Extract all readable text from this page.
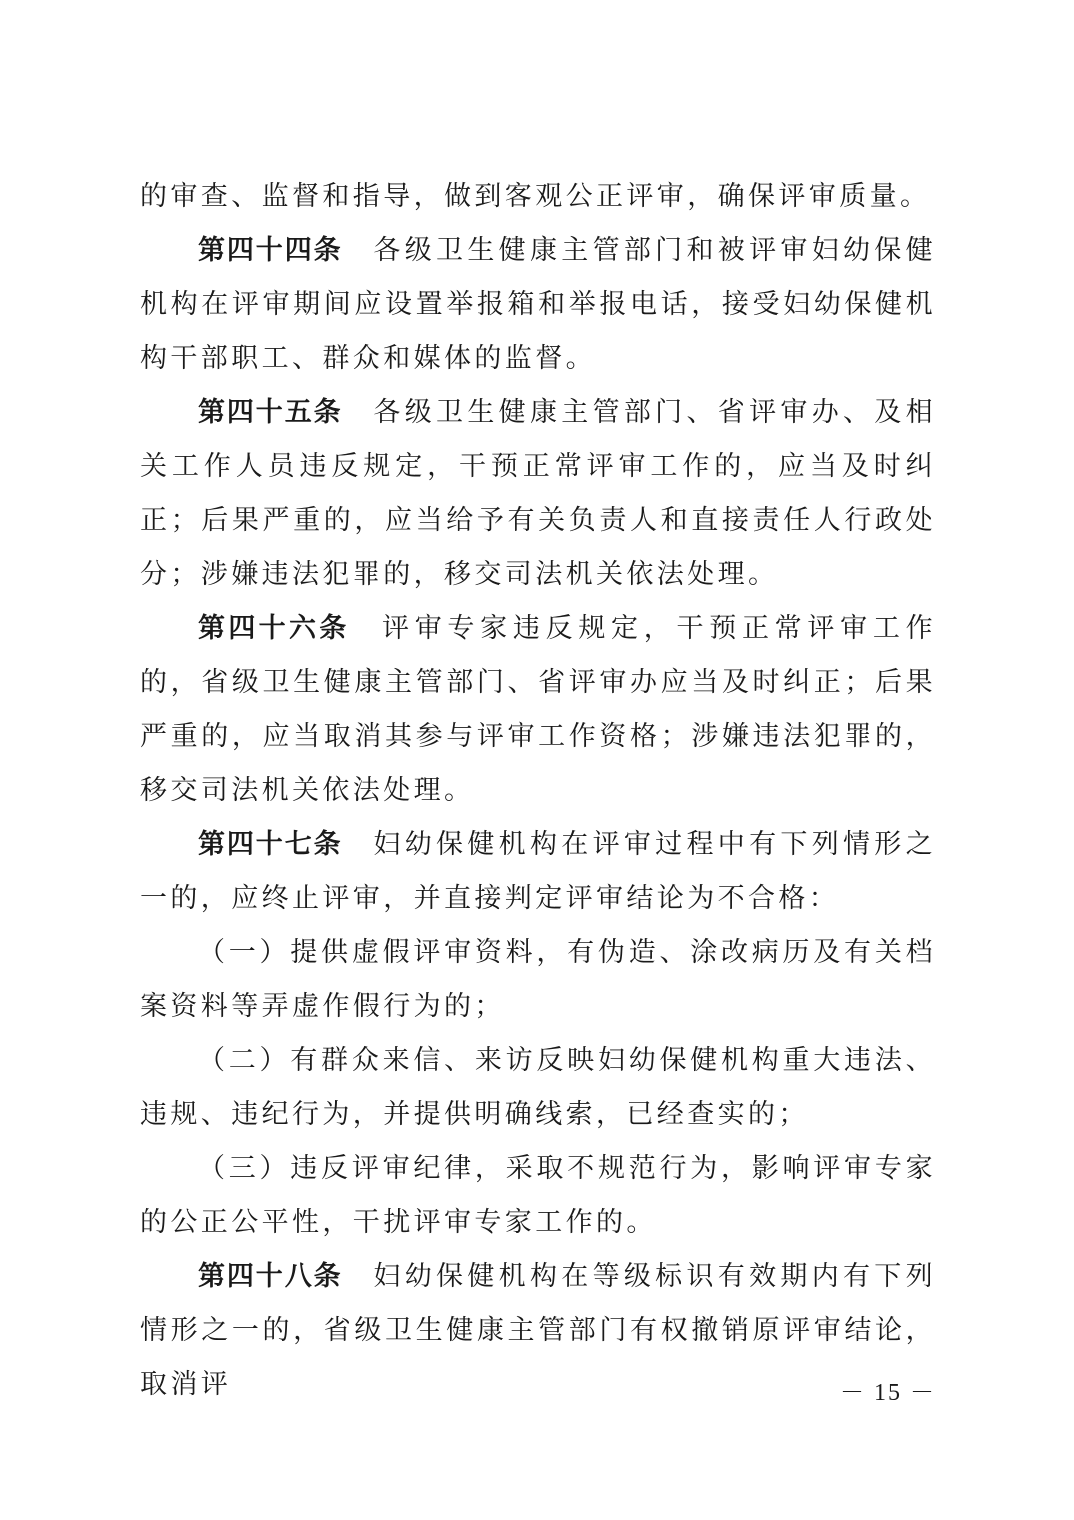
的审查、监督和指导，做到客观公正评审，确保评审质量。

第四十四条 各级卫生健康主管部门和被评审妇幼保健机构在评审期间应设置举报箱和举报电话，接受妇幼保健机构干部职工、群众和媒体的监督。

第四十五条 各级卫生健康主管部门、省评审办、及相关工作人员违反规定，干预正常评审工作的，应当及时纠正；后果严重的，应当给予有关负责人和直接责任人行政处分；涉嫌违法犯罪的，移交司法机关依法处理。

第四十六条 评审专家违反规定，干预正常评审工作的，省级卫生健康主管部门、省评审办应当及时纠正；后果严重的，应当取消其参与评审工作资格；涉嫌违法犯罪的，移交司法机关依法处理。

第四十七条 妇幼保健机构在评审过程中有下列情形之一的，应终止评审，并直接判定评审结论为不合格：

（一）提供虚假评审资料，有伪造、涂改病历及有关档案资料等弄虚作假行为的；

（二）有群众来信、来访反映妇幼保健机构重大违法、违规、违纪行为，并提供明确线索，已经查实的；

（三）违反评审纪律，采取不规范行为，影响评审专家的公正公平性，干扰评审专家工作的。

第四十八条 妇幼保健机构在等级标识有效期内有下列情形之一的，省级卫生健康主管部门有权撤销原评审结论，取消评	－ 15 －
